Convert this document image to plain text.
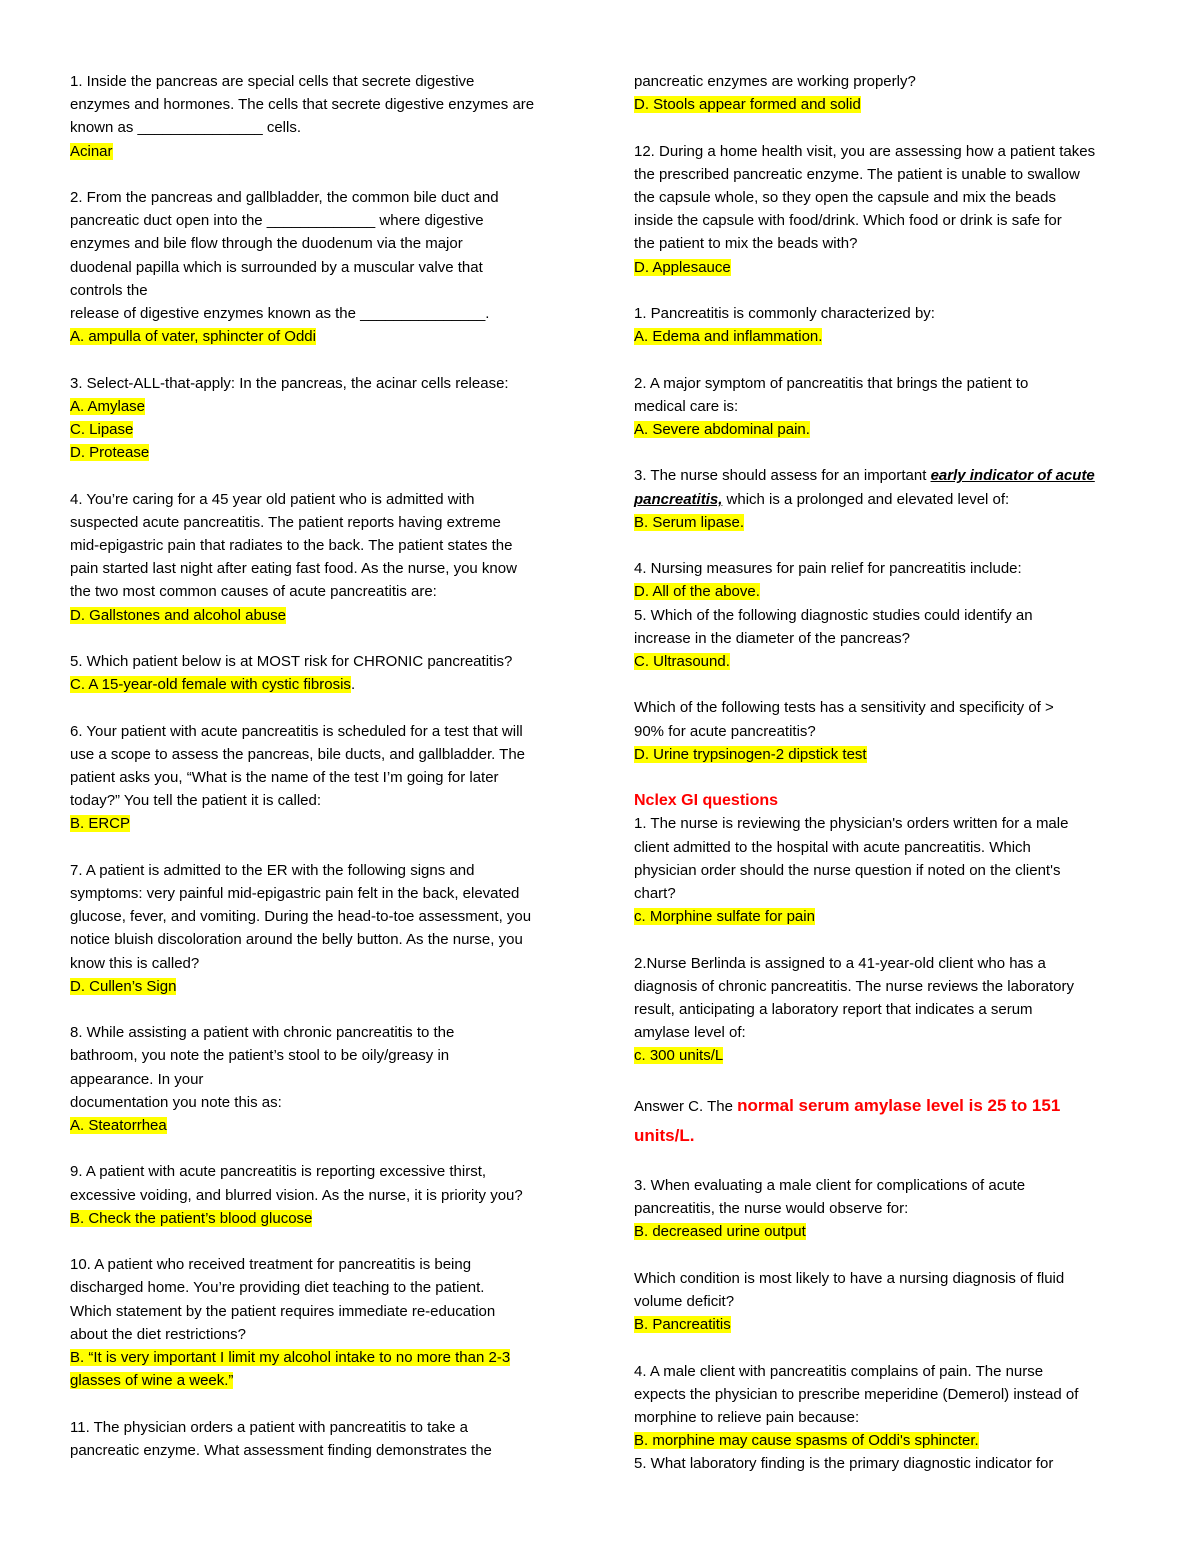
1. Inside the pancreas are special cells that secrete digestive
enzymes and hormones. The cells that secrete digestive enzymes are
known as _______________ cells.
Acinar
2. From the pancreas and gallbladder, the common bile duct and
pancreatic duct open into the _____________ where digestive
enzymes and bile flow through the duodenum via the major
duodenal papilla which is surrounded by a muscular valve that
controls the
release of digestive enzymes known as the _______________.
A. ampulla of vater, sphincter of Oddi
3. Select-ALL-that-apply: In the pancreas, the acinar cells release:
A. Amylase
C. Lipase
D. Protease
4. You’re caring for a 45 year old patient who is admitted with
suspected acute pancreatitis. The patient reports having extreme
mid-epigastric pain that radiates to the back. The patient states the
pain started last night after eating fast food. As the nurse, you know
the two most common causes of acute pancreatitis are:
D. Gallstones and alcohol abuse
5. Which patient below is at MOST risk for CHRONIC pancreatitis?
C. A 15-year-old female with cystic fibrosis.
6. Your patient with acute pancreatitis is scheduled for a test that will
use a scope to assess the pancreas, bile ducts, and gallbladder. The
patient asks you, “What is the name of the test I’m going for later
today?” You tell the patient it is called:
B. ERCP
7. A patient is admitted to the ER with the following signs and
symptoms: very painful mid-epigastric pain felt in the back, elevated
glucose, fever, and vomiting. During the head-to-toe assessment, you
notice bluish discoloration around the belly button. As the nurse, you
know this is called?
D. Cullen’s Sign
8. While assisting a patient with chronic pancreatitis to the
bathroom, you note the patient’s stool to be oily/greasy in
appearance. In your
documentation you note this as:
A. Steatorrhea
9. A patient with acute pancreatitis is reporting excessive thirst,
excessive voiding, and blurred vision. As the nurse, it is priority you?
B. Check the patient’s blood glucose
10. A patient who received treatment for pancreatitis is being
discharged home. You’re providing diet teaching to the patient.
Which statement by the patient requires immediate re-education
about the diet restrictions?
B. “It is very important I limit my alcohol intake to no more than 2-3
glasses of wine a week.”
11. The physician orders a patient with pancreatitis to take a
pancreatic enzyme. What assessment finding demonstrates the
pancreatic enzymes are working properly?
D. Stools appear formed and solid
12. During a home health visit, you are assessing how a patient takes
the prescribed pancreatic enzyme. The patient is unable to swallow
the capsule whole, so they open the capsule and mix the beads
inside the capsule with food/drink. Which food or drink is safe for
the patient to mix the beads with?
D. Applesauce
1. Pancreatitis is commonly characterized by:
A. Edema and inflammation.
2. A major symptom of pancreatitis that brings the patient to
medical care is:
A. Severe abdominal pain.
3. The nurse should assess for an important early indicator of acute
pancreatitis, which is a prolonged and elevated level of:
B. Serum lipase.
4. Nursing measures for pain relief for pancreatitis include:
D. All of the above.
5. Which of the following diagnostic studies could identify an
increase in the diameter of the pancreas?
C. Ultrasound.
Which of the following tests has a sensitivity and specificity of >
90% for acute pancreatitis?
D. Urine trypsinogen-2 dipstick test
Nclex GI questions
1. The nurse is reviewing the physician's orders written for a male
client admitted to the hospital with acute pancreatitis. Which
physician order should the nurse question if noted on the client's
chart?
c. Morphine sulfate for pain
2.Nurse Berlinda is assigned to a 41-year-old client who has a
diagnosis of chronic pancreatitis. The nurse reviews the laboratory
result, anticipating a laboratory report that indicates a serum
amylase level of:
c. 300 units/L
Answer C. The normal serum amylase level is 25 to 151
units/L.
3. When evaluating a male client for complications of acute
pancreatitis, the nurse would observe for:
B. decreased urine output
Which condition is most likely to have a nursing diagnosis of fluid
volume deficit?
B. Pancreatitis
4. A male client with pancreatitis complains of pain. The nurse
expects the physician to prescribe meperidine (Demerol) instead of
morphine to relieve pain because:
B. morphine may cause spasms of Oddi's sphincter.
5. What laboratory finding is the primary diagnostic indicator for
